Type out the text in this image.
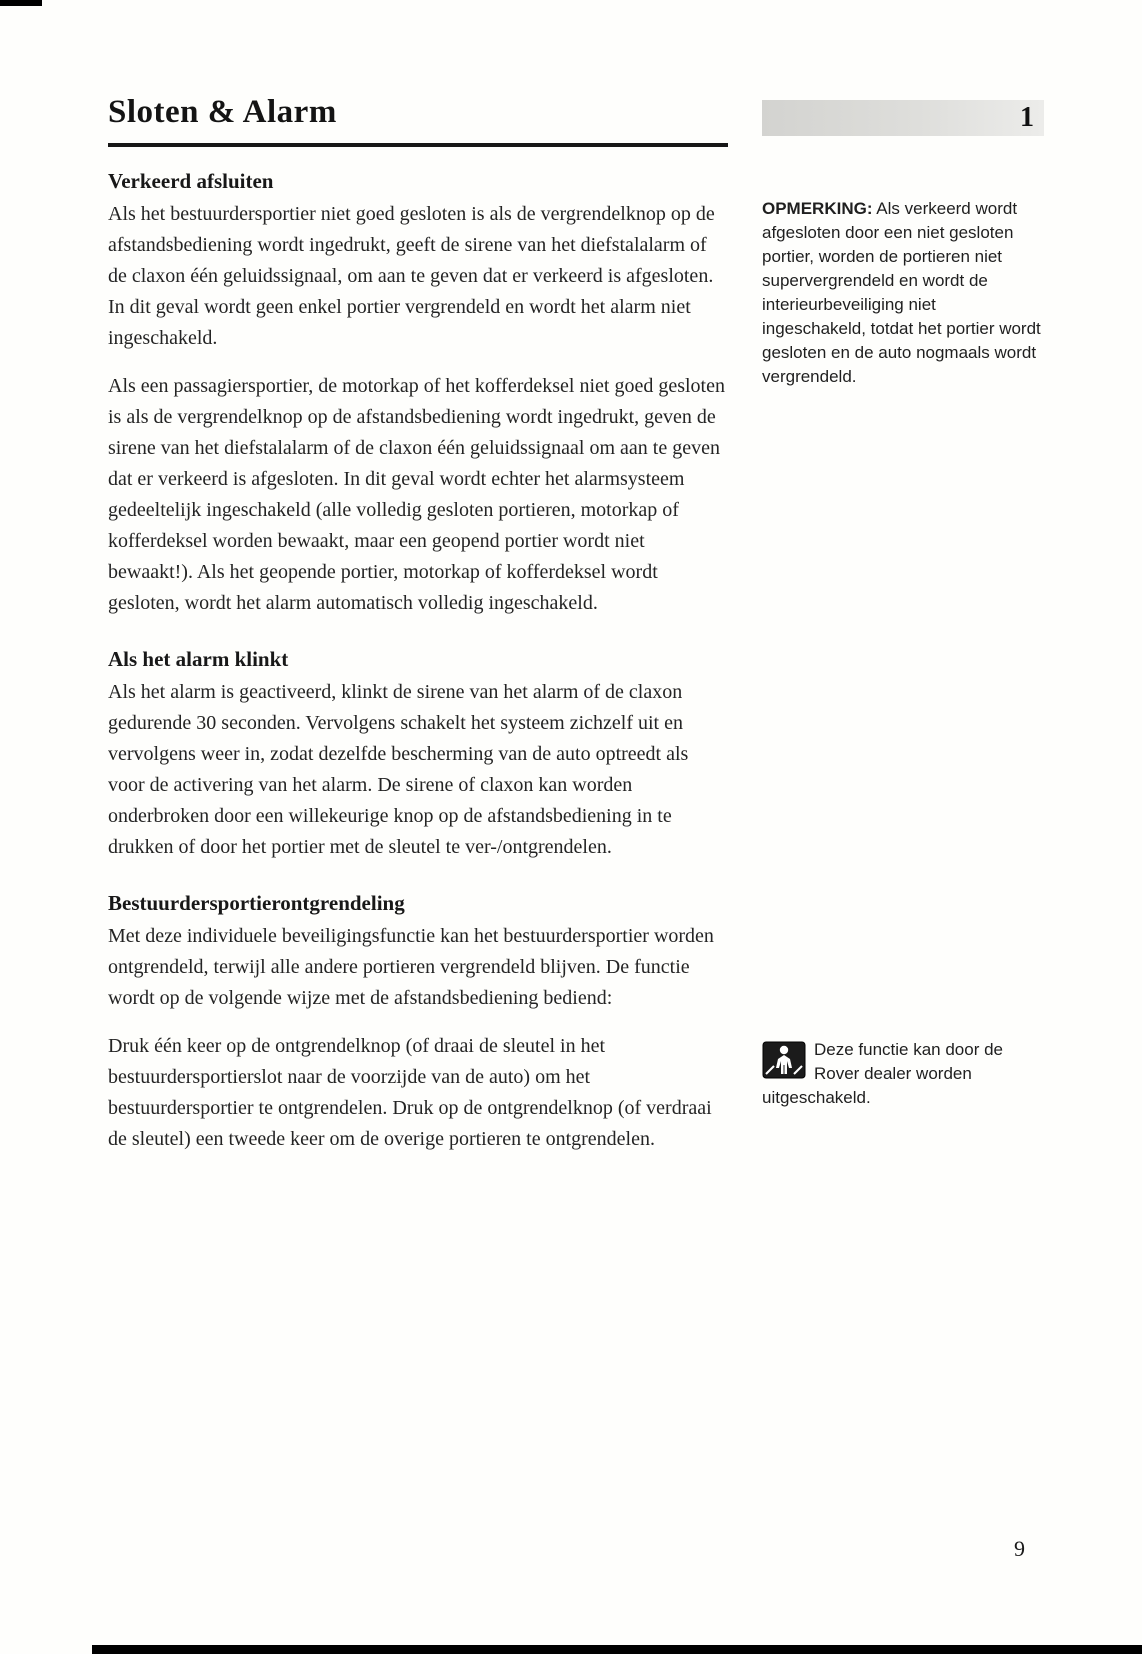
Sloten & Alarm
Verkeerd afsluiten

Als het bestuurdersportier niet goed gesloten is als de vergrendelknop op de afstandsbediening wordt ingedrukt, geeft de sirene van het diefstalalarm of de claxon één geluidssignaal, om aan te geven dat er verkeerd is afgesloten. In dit geval wordt geen enkel portier vergrendeld en wordt het alarm niet ingeschakeld.

Als een passagiersportier, de motorkap of het kofferdeksel niet goed gesloten is als de vergrendelknop op de afstandsbediening wordt ingedrukt, geven de sirene van het diefstalalarm of de claxon één geluidssignaal om aan te geven dat er verkeerd is afgesloten. In dit geval wordt echter het alarmsysteem gedeeltelijk ingeschakeld (alle volledig gesloten portieren, motorkap of kofferdeksel worden bewaakt, maar een geopend portier wordt niet bewaakt!). Als het geopende portier, motorkap of kofferdeksel wordt gesloten, wordt het alarm automatisch volledig ingeschakeld.

Als het alarm klinkt

Als het alarm is geactiveerd, klinkt de sirene van het alarm of de claxon gedurende 30 seconden. Vervolgens schakelt het systeem zichzelf uit en vervolgens weer in, zodat dezelfde bescherming van de auto optreedt als voor de activering van het alarm. De sirene of claxon kan worden onderbroken door een willekeurige knop op de afstandsbediening in te drukken of door het portier met de sleutel te ver-/ontgrendelen.

Bestuurdersportierontgrendeling

Met deze individuele beveiligingsfunctie kan het bestuurdersportier worden ontgrendeld, terwijl alle andere portieren vergrendeld blijven. De functie wordt op de volgende wijze met de afstandsbediening bediend:

Druk één keer op de ontgrendelknop (of draai de sleutel in het bestuurdersportierslot naar de voorzijde van de auto) om het bestuurdersportier te ontgrendelen. Druk op de ontgrendelknop (of verdraai de sleutel) een tweede keer om de overige portieren te ontgrendelen.

1
OPMERKING: Als verkeerd wordt afgesloten door een niet gesloten portier, worden de portieren niet supervergrendeld en wordt de interieurbeveiliging niet ingeschakeld, totdat het portier wordt gesloten en de auto nogmaals wordt vergrendeld.
Deze functie kan door de Rover dealer worden uitgeschakeld.
9
